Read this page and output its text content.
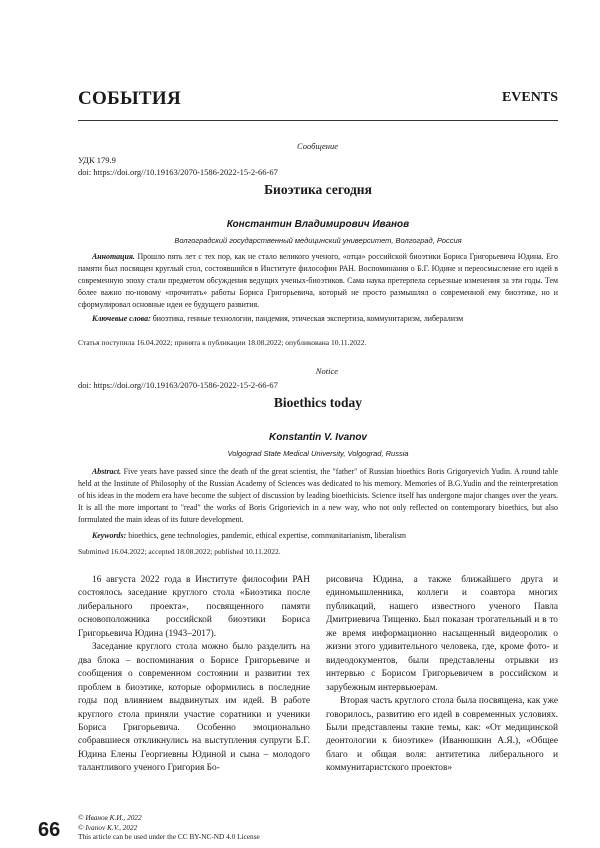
СОБЫТИЯ	EVENTS
Сообщение
УДК 179.9
doi: https://doi.org//10.19163/2070-1586-2022-15-2-66-67
Биоэтика сегодня
Константин Владимирович Иванов
Волгоградский государственный медицинский университет, Волгоград, Россия
Аннотация. Прошло пять лет с тех пор, как не стало великого ученого, «отца» российской биоэтики Бориса Григорьевича Юдина. Его памяти был посвящен круглый стол, состоявшийся в Институте философии РАН. Воспоминания о Б.Г. Юдине и переосмысление его идей в современную эпоху стали предметом обсуждения ведущих ученых-биоэтиков. Сама наука претерпела серьезные изменения за эти годы. Тем более важно по-новому «прочитать» работы Бориса Григорьевича, который не просто размышлял о современной ему биоэтике, но и сформулировал основные идеи ее будущего развития.
Ключевые слова: биоэтика, генные технологии, пандемия, этическая экспертиза, коммунитаризм, либерализм
Статья поступила 16.04.2022; принята к публикации 18.08.2022; опубликована 10.11.2022.
Notice
doi: https://doi.org//10.19163/2070-1586-2022-15-2-66-67
Bioethics today
Konstantin V. Ivanov
Volgograd State Medical University, Volgograd, Russia
Abstract. Five years have passed since the death of the great scientist, the "father" of Russian bioethics Boris Grigoryevich Yudin. A round table held at the Institute of Philosophy of the Russian Academy of Sciences was dedicated to his memory. Memories of B.G.Yudin and the reinterpretation of his ideas in the modern era have become the subject of discussion by leading bioethicists. Science itself has undergone major changes over the years. It is all the more important to "read" the works of Boris Grigorievich in a new way, who not only reflected on contemporary bioethics, but also formulated the main ideas of its future development.
Keywords: bioethics, gene technologies, pandemic, ethical expertise, communitarianism, liberalism
Submitted 16.04.2022; accepted 18.08.2022; published 10.11.2022.

16 августа 2022 года в Институте философии РАН состоялось заседание круглого стола «Биоэтика после либерального проекта», посвященного памяти основоположника российской биоэтики Бориса Григорьевича Юдина (1943–2017).

Заседание круглого стола можно было разделить на два блока – воспоминания о Борисе Григорьевиче и сообщения о современном состоянии и развитии тех проблем в биоэтике, которые оформились в последние годы под влиянием выдвинутых им идей. В работе круглого стола приняли участие соратники и ученики Бориса Григорьевича. Особенно эмоционально собравшиеся откликнулись на выступления супруги Б.Г. Юдина Елены Георгиевны Юдиной и сына – молодого талантливого ученого Григория Бо-

рисовича Юдина, а также ближайшего друга и единомышленника, коллеги и соавтора многих публикаций, нашего известного ученого Павла Дмитриевича Тищенко. Был показан трогательный и в то же время информационно насыщенный видеоролик о жизни этого удивительного человека, где, кроме фото- и видеодокументов, были представлены отрывки из интервью с Борисом Григорьевичем в российском и зарубежным интервьюерам.

Вторая часть круглого стола была посвящена, как уже говорилось, развитию его идей в современных условиях. Были представлены такие темы, как: «От медицинской деонтологии к биоэтике» (Иванюшкин А.Я.), «Общее благо и общая воля: антитетика либерального и коммунитаристского проектов»

66
© Иванов К.И., 2022
© Ivanov K.V., 2022
This article can be used under the CC BY-NC-ND 4.0 License
